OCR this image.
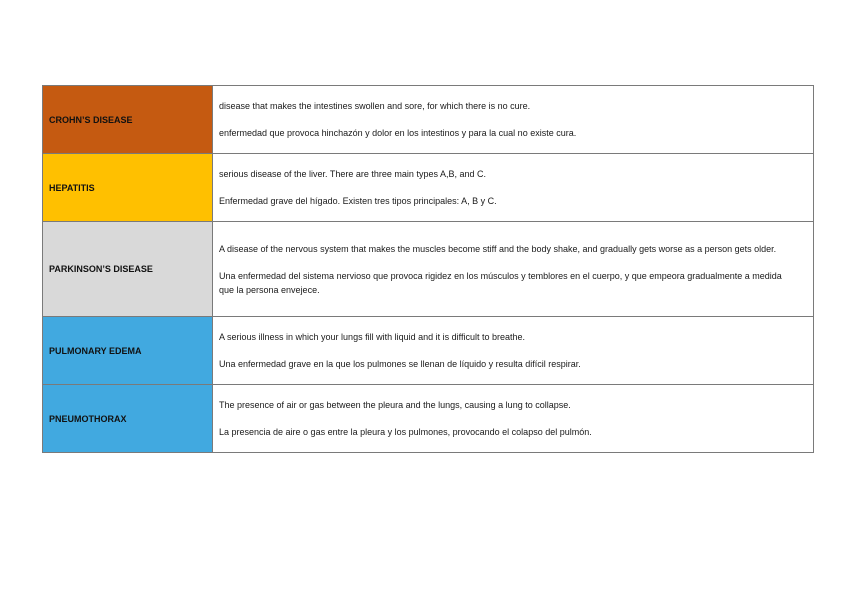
CROHN’S DISEASE	disease that makes the intestines swollen and sore, for which there is no cure.

enfermedad que provoca hinchazón y dolor en los intestinos y para la cual no existe cura.

HEPATITIS	serious disease of the liver. There are three main types A,B, and C.

Enfermedad grave del hígado. Existen tres tipos principales: A, B y C.

PARKINSON’S DISEASE	A disease of the nervous system that makes the muscles become stiff and the body shake, and gradually gets worse as a person gets older.

Una enfermedad del sistema nervioso que provoca rigidez en los músculos y temblores en el cuerpo, y que empeora gradualmente a medida que la persona envejece.

PULMONARY EDEMA	A serious illness in which your lungs fill with liquid and it is difficult to breathe.

Una enfermedad grave en la que los pulmones se llenan de líquido y resulta difícil respirar.

PNEUMOTHORAX	The presence of air or gas between the pleura and the lungs, causing a lung to collapse.

La presencia de aire o gas entre la pleura y los pulmones, provocando el colapso del pulmón.
